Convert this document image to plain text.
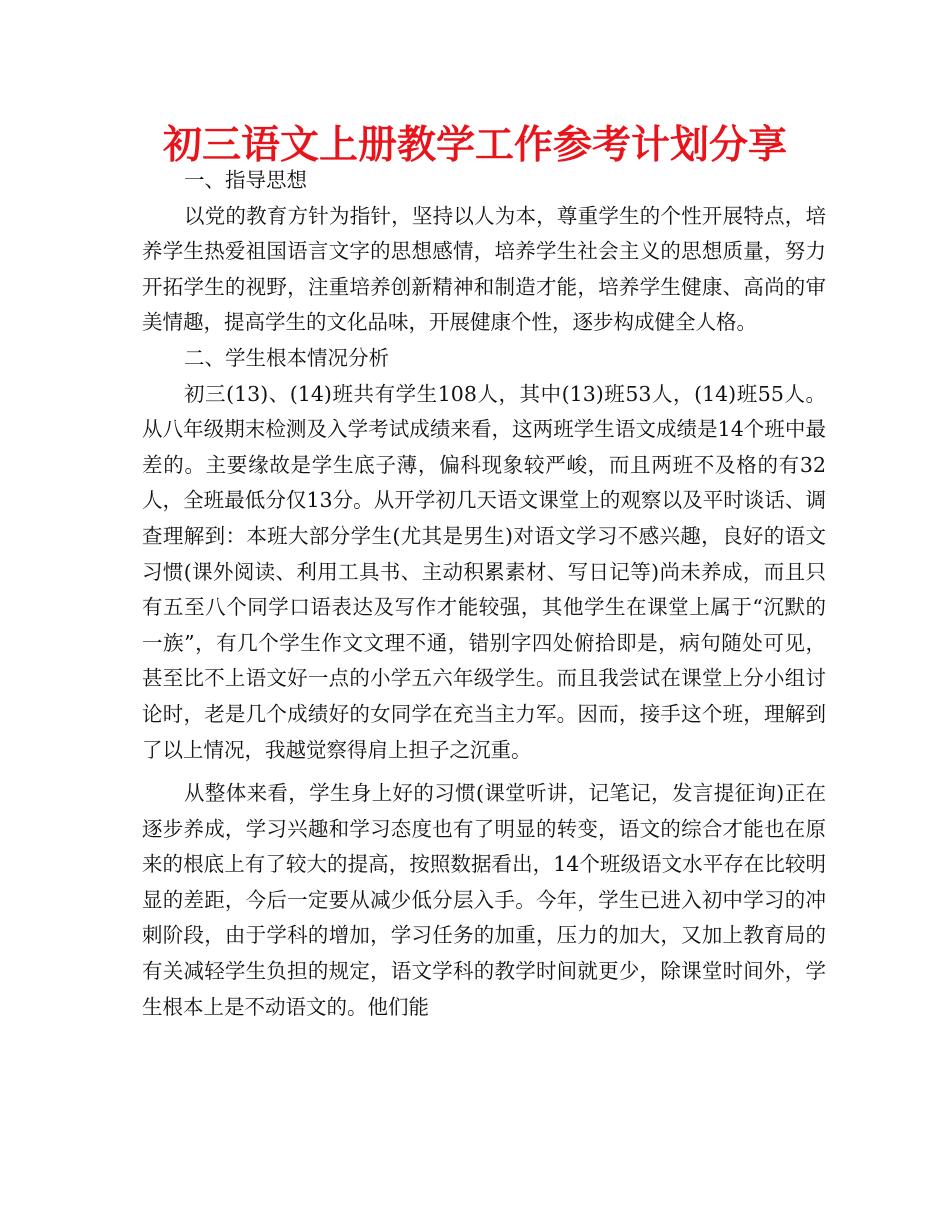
初三语文上册教学工作参考计划分享

一、指导思想

以党的教育方针为指针，坚持以人为本，尊重学生的个性开展特点，培养学生热爱祖国语言文字的思想感情，培养学生社会主义的思想质量，努力开拓学生的视野，注重培养创新精神和制造才能，培养学生健康、高尚的审美情趣，提高学生的文化品味，开展健康个性，逐步构成健全人格。

二、学生根本情况分析

初三(13)、(14)班共有学生108人，其中(13)班53人，(14)班55人。从八年级期末检测及入学考试成绩来看，这两班学生语文成绩是14个班中最差的。主要缘故是学生底子薄，偏科现象较严峻，而且两班不及格的有32人，全班最低分仅13分。从开学初几天语文课堂上的观察以及平时谈话、调查理解到：本班大部分学生(尤其是男生)对语文学习不感兴趣，良好的语文习惯(课外阅读、利用工具书、主动积累素材、写日记等)尚未养成，而且只有五至八个同学口语表达及写作才能较强，其他学生在课堂上属于“沉默的一族”，有几个学生作文文理不通，错别字四处俯拾即是，病句随处可见，甚至比不上语文好一点的小学五六年级学生。而且我尝试在课堂上分小组讨论时，老是几个成绩好的女同学在充当主力军。因而，接手这个班，理解到了以上情况，我越觉察得肩上担子之沉重。

从整体来看，学生身上好的习惯(课堂听讲，记笔记，发言提征询)正在逐步养成，学习兴趣和学习态度也有了明显的转变，语文的综合才能也在原来的根底上有了较大的提高，按照数据看出，14个班级语文水平存在比较明显的差距，今后一定要从减少低分层入手。今年，学生已进入初中学习的冲刺阶段，由于学科的增加，学习任务的加重，压力的加大，又加上教育局的有关减轻学生负担的规定，语文学科的教学时间就更少，除课堂时间外，学生根本上是不动语文的。他们能
